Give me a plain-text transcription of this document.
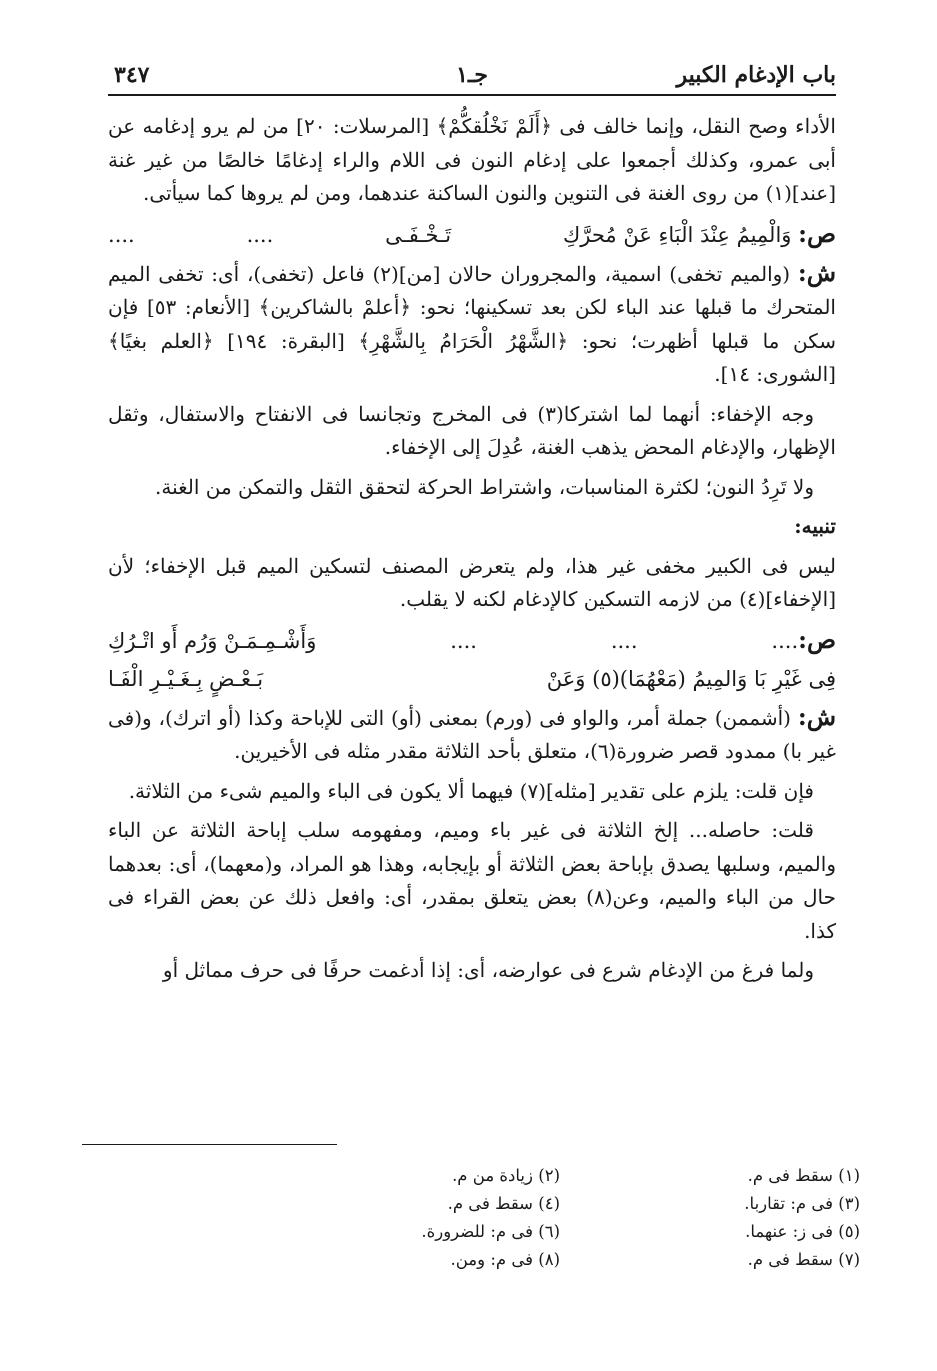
باب الإدغام الكبير
جـ١
٣٤٧

الأداء وصح النقل، وإنما خالف فى ﴿أَلَمْ نَخْلُقكُّمْ﴾ [المرسلات: ٢٠] من لم يرو إدغامه عن أبى عمرو، وكذلك أجمعوا على إدغام النون فى اللام والراء إدغامًا خالصًا من غير غنة [عند](١) من روى الغنة فى التنوين والنون الساكنة عندهما، ومن لم يروها كما سيأتى.

ص: وَالْمِيمُ عِنْدَ الْبَاءِ عَنْ مُحرَّكِ
تَـخْـفَـى
....
....

ش: (والميم تخفى) اسمية، والمجروران حالان [من](٢) فاعل (تخفى)، أى: تخفى الميم المتحرك ما قبلها عند الباء لكن بعد تسكينها؛ نحو: ﴿أعلمْ بالشاكرين﴾ [الأنعام: ٥٣] فإن سكن ما قبلها أظهرت؛ نحو: ﴿الشَّهْرُ الْحَرَامُ بِالشَّهْرِ﴾ [البقرة: ١٩٤] ﴿العلم بغيًا﴾ [الشورى: ١٤].

وجه الإخفاء: أنهما لما اشتركا(٣) فى المخرج وتجانسا فى الانفتاح والاستفال، وثقل الإظهار، والإدغام المحض يذهب الغنة، عُدِلَ إلى الإخفاء.

ولا تَرِدُ النون؛ لكثرة المناسبات، واشتراط الحركة لتحقق الثقل والتمكن من الغنة.

تنبيه:

ليس فى الكبير مخفى غير هذا، ولم يتعرض المصنف لتسكين الميم قبل الإخفاء؛ لأن [الإخفاء](٤) من لازمه التسكين كالإدغام لكنه لا يقلب.

ص:....
....
....
وَأَشْـمِـمَـنْ وَرُم أَو اتْـرُكِ
فِى غَيْرِ بَا وَالمِيمُ (مَعْهُمَا)(٥) وَعَنْ
بَـعْـضٍ بِـغَـيْـرِ الْفَـا

ش: (أشممن) جملة أمر، والواو فى (ورم) بمعنى (أو) التى للإباحة وكذا (أو اترك)، و(فى غير با) ممدود قصر ضرورة(٦)، متعلق بأحد الثلاثة مقدر مثله فى الأخيرين.

فإن قلت: يلزم على تقدير [مثله](٧) فيهما ألا يكون فى الباء والميم شىء من الثلاثة.

قلت: حاصله... إلخ الثلاثة فى غير باء وميم، ومفهومه سلب إباحة الثلاثة عن الباء والميم، وسلبها يصدق بإباحة بعض الثلاثة أو بإيجابه، وهذا هو المراد، و(معهما)، أى: بعدهما حال من الباء والميم، وعن(٨) بعض يتعلق بمقدر، أى: وافعل ذلك عن بعض القراء فى كذا.

ولما فرغ من الإدغام شرع فى عوارضه، أى: إذا أدغمت حرفًا فى حرف مماثل أو

(١) سقط فى م.
(٢) زيادة من م.
(٣) فى م: تقاربا.
(٤) سقط فى م.
(٥) فى ز: عنهما.
(٦) فى م: للضرورة.
(٧) سقط فى م.
(٨) فى م: ومن.
